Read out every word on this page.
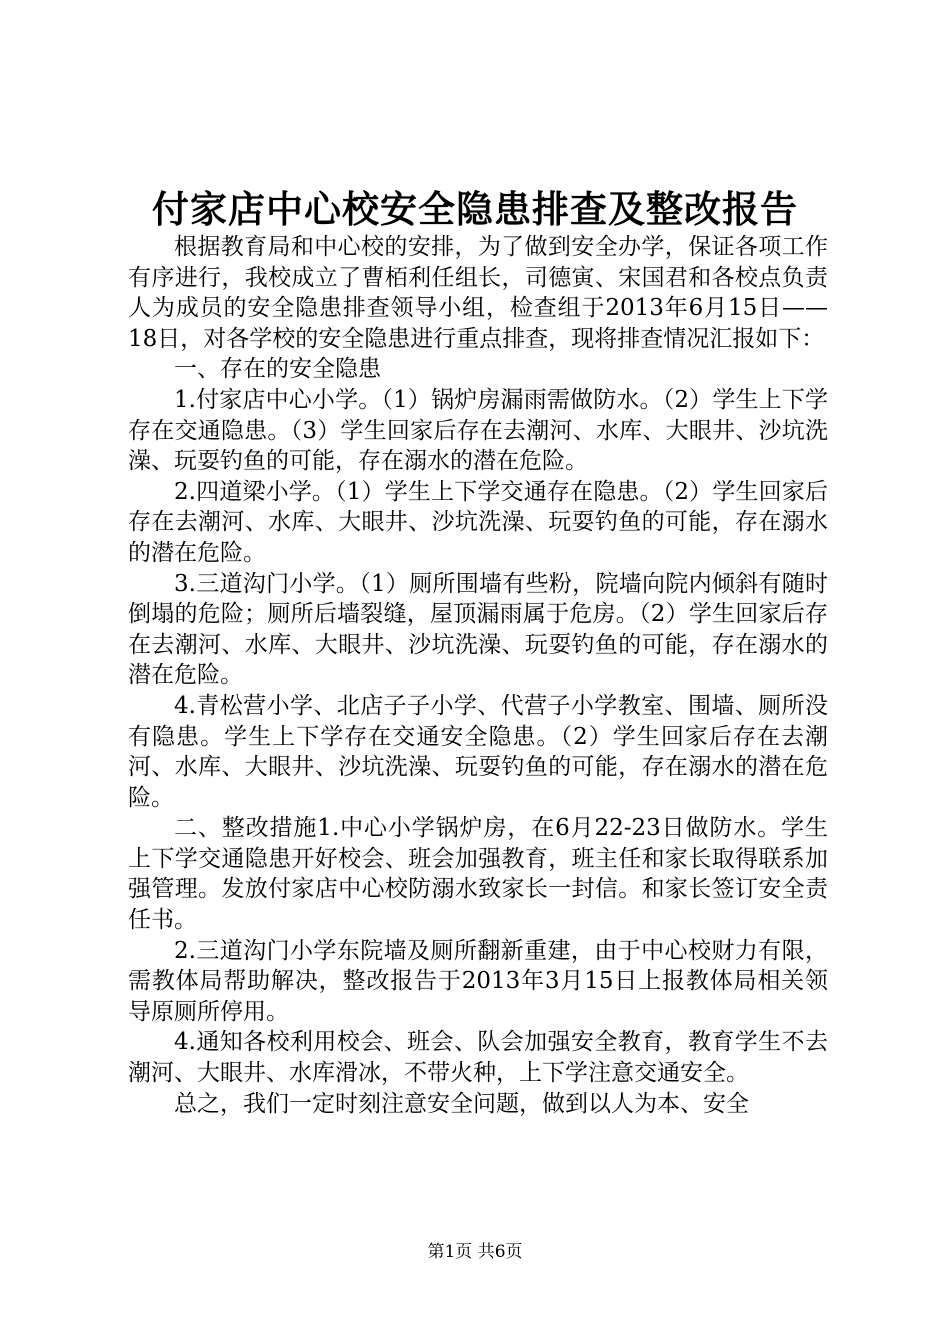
付家店中心校安全隐患排查及整改报告

根据教育局和中心校的安排，为了做到安全办学，保证各项工作有序进行，我校成立了曹栢利任组长，司德寅、宋国君和各校点负责人为成员的安全隐患排查领导小组，检查组于2013年6月15日——18日，对各学校的安全隐患进行重点排查，现将排查情况汇报如下：

一、存在的安全隐患

1.付家店中心小学。（1）锅炉房漏雨需做防水。（2）学生上下学存在交通隐患。（3）学生回家后存在去潮河、水库、大眼井、沙坑洗澡、玩耍钓鱼的可能，存在溺水的潜在危险。

2.四道梁小学。（1）学生上下学交通存在隐患。（2）学生回家后存在去潮河、水库、大眼井、沙坑洗澡、玩耍钓鱼的可能，存在溺水的潜在危险。

3.三道沟门小学。（1）厕所围墙有些粉，院墙向院内倾斜有随时倒塌的危险；厕所后墙裂缝，屋顶漏雨属于危房。（2）学生回家后存在去潮河、水库、大眼井、沙坑洗澡、玩耍钓鱼的可能，存在溺水的潜在危险。

4.青松营小学、北店子子小学、代营子小学教室、围墙、厕所没有隐患。学生上下学存在交通安全隐患。（2）学生回家后存在去潮河、水库、大眼井、沙坑洗澡、玩耍钓鱼的可能，存在溺水的潜在危险。

二、整改措施1.中心小学锅炉房，在6月22-23日做防水。学生上下学交通隐患开好校会、班会加强教育，班主任和家长取得联系加强管理。发放付家店中心校防溺水致家长一封信。和家长签订安全责任书。

2.三道沟门小学东院墙及厕所翻新重建，由于中心校财力有限，需教体局帮助解决，整改报告于2013年3月15日上报教体局相关领导原厕所停用。

4.通知各校利用校会、班会、队会加强安全教育，教育学生不去潮河、大眼井、水库滑冰，不带火种，上下学注意交通安全。

总之，我们一定时刻注意安全问题，做到以人为本、安全

第1页 共6页
